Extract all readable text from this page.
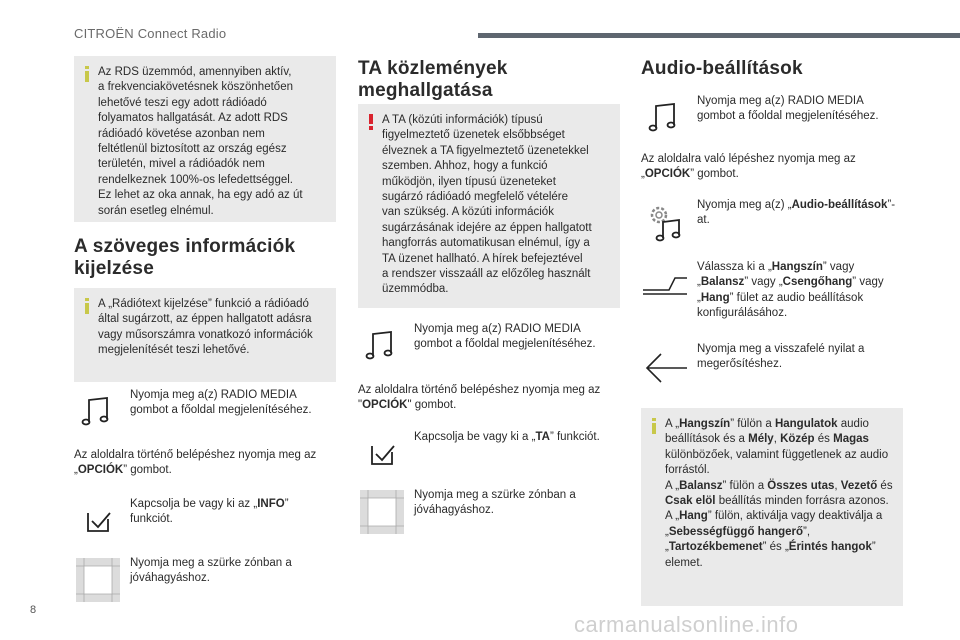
CITROËN Connect Radio

Az RDS üzemmód, amennyiben aktív,
a frekvenciakövetésnek köszönhetően
lehetővé teszi egy adott rádióadó
folyamatos hallgatását. Az adott RDS
rádióadó követése azonban nem
feltétlenül biztosított az ország egész
területén, mivel a rádióadók nem
rendelkeznek 100%-os lefedettséggel.
Ez lehet az oka annak, ha egy adó az út
során esetleg elnémul.

A szöveges információk kijelzése

A „Rádiótext kijelzése” funkció a rádióadó
által sugárzott, az éppen hallgatott adásra
vagy műsorszámra vonatkozó információk
megjelenítését teszi lehetővé.

Nyomja meg a(z) RADIO MEDIA gombot a főoldal megjelenítéséhez.
Az aloldalra történő belépéshez nyomja meg az „OPCIÓK” gombot.
Kapcsolja be vagy ki az „INFO” funkciót.
Nyomja meg a szürke zónban a jóváhagyáshoz.
TA közlemények meghallgatása

A TA (közúti információk) típusú
figyelmeztető üzenetek elsőbbséget
élveznek a TA figyelmeztető üzenetekkel
szemben. Ahhoz, hogy a funkció
működjön, ilyen típusú üzeneteket
sugárzó rádióadó megfelelő vételére
van szükség. A közúti információk
sugárzásának idejére az éppen hallgatott
hangforrás automatikusan elnémul, így a
TA üzenet hallható. A hírek befejeztével
a rendszer visszaáll az előzőleg használt
üzemmódba.

Nyomja meg a(z) RADIO MEDIA gombot a főoldal megjelenítéséhez.
Az aloldalra történő belépéshez nyomja meg az "OPCIÓK" gombot.
Kapcsolja be vagy ki a „TA” funkciót.
Nyomja meg a szürke zónban a jóváhagyáshoz.
Audio-beállítások
Nyomja meg a(z) RADIO MEDIA gombot a főoldal megjelenítéséhez.
Az aloldalra való lépéshez nyomja meg az „OPCIÓK” gombot.
Nyomja meg a(z) „Audio-beállítások”-at.
Válassza ki a „Hangszín” vagy „Balansz” vagy „Csengőhang” vagy „Hang” fület az audio beállítások konfigurálásához.
Nyomja meg a visszafelé nyilat a megerősítéshez.

A „Hangszín” fülön a Hangulatok audio beállítások és a Mély, Közép és Magas különbözőek, valamint függetlenek az audio forrástól.
A „Balansz” fülön a Összes utas, Vezető és Csak elöl beállítás minden forrásra azonos.
A „Hang” fülön, aktiválja vagy deaktiválja a „Sebességfüggő hangerő”, „Tartozékbemenet” és „Érintés hangok” elemet.

8
carmanualsonline.info
